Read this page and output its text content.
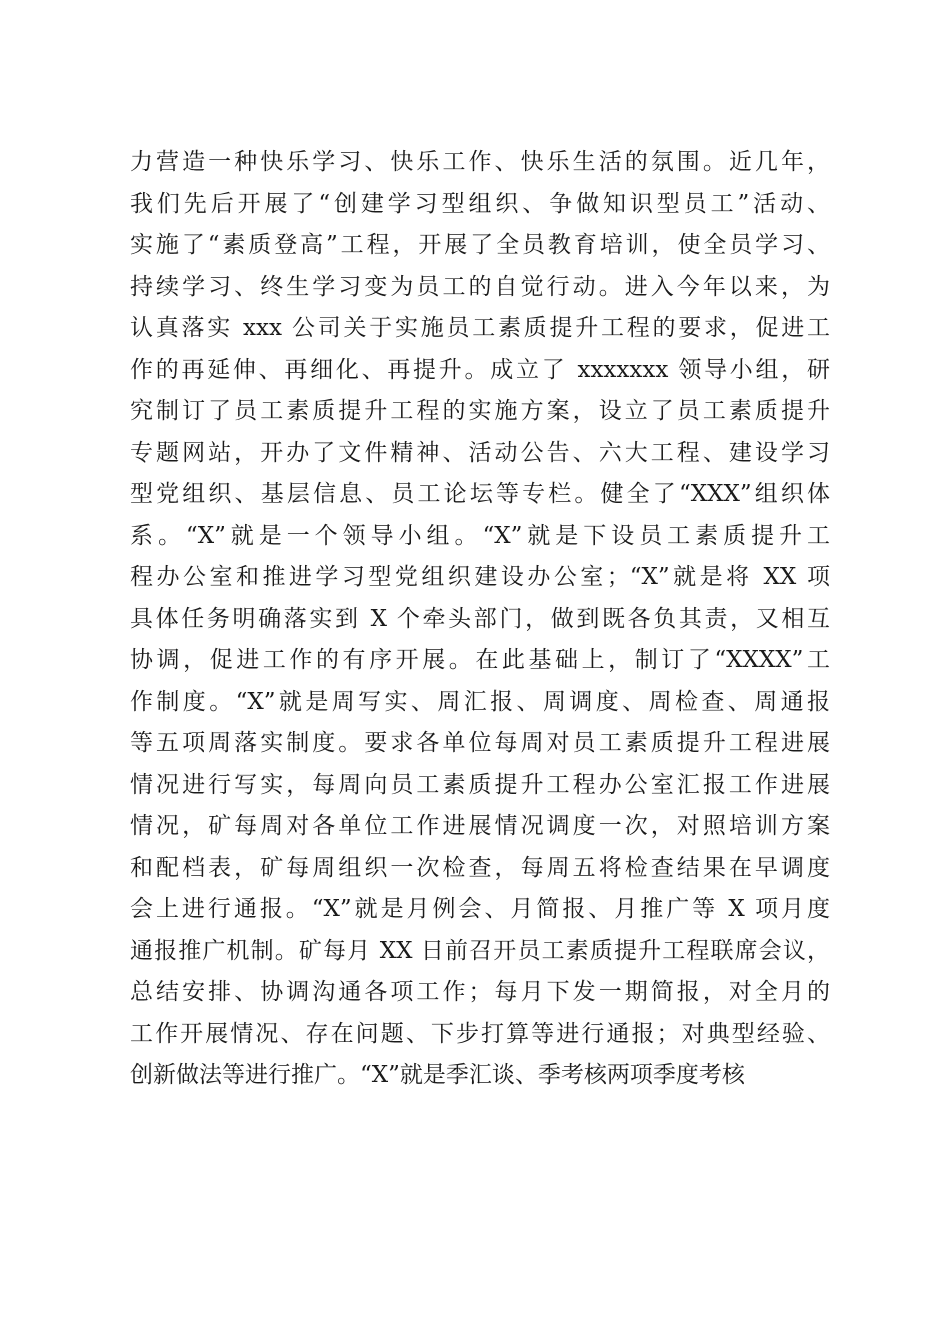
力营造一种快乐学习、快乐工作、快乐生活的氛围。近几年，
我们先后开展了“创建学习型组织、争做知识型员工”活动、
实施了“素质登高”工程，开展了全员教育培训，使全员学习、
持续学习、终生学习变为员工的自觉行动。进入今年以来，为
认真落实 xxx 公司关于实施员工素质提升工程的要求，促进工
作的再延伸、再细化、再提升。成立了 xxxxxxx 领导小组，研
究制订了员工素质提升工程的实施方案，设立了员工素质提升
专题网站，开办了文件精神、活动公告、六大工程、建设学习
型党组织、基层信息、员工论坛等专栏。健全了“XXX”组织体
系。“X”就是一个领导小组。“X”就是下设员工素质提升工
程办公室和推进学习型党组织建设办公室；“X”就是将 XX 项
具体任务明确落实到 X 个牵头部门，做到既各负其责，又相互
协调，促进工作的有序开展。在此基础上，制订了“XXXX”工
作制度。“X”就是周写实、周汇报、周调度、周检查、周通报
等五项周落实制度。要求各单位每周对员工素质提升工程进展
情况进行写实，每周向员工素质提升工程办公室汇报工作进展
情况，矿每周对各单位工作进展情况调度一次，对照培训方案
和配档表，矿每周组织一次检查，每周五将检查结果在早调度
会上进行通报。“X”就是月例会、月简报、月推广等 X 项月度
通报推广机制。矿每月 XX 日前召开员工素质提升工程联席会议，
总结安排、协调沟通各项工作；每月下发一期简报，对全月的
工作开展情况、存在问题、下步打算等进行通报；对典型经验、
创新做法等进行推广。“X”就是季汇谈、季考核两项季度考核
